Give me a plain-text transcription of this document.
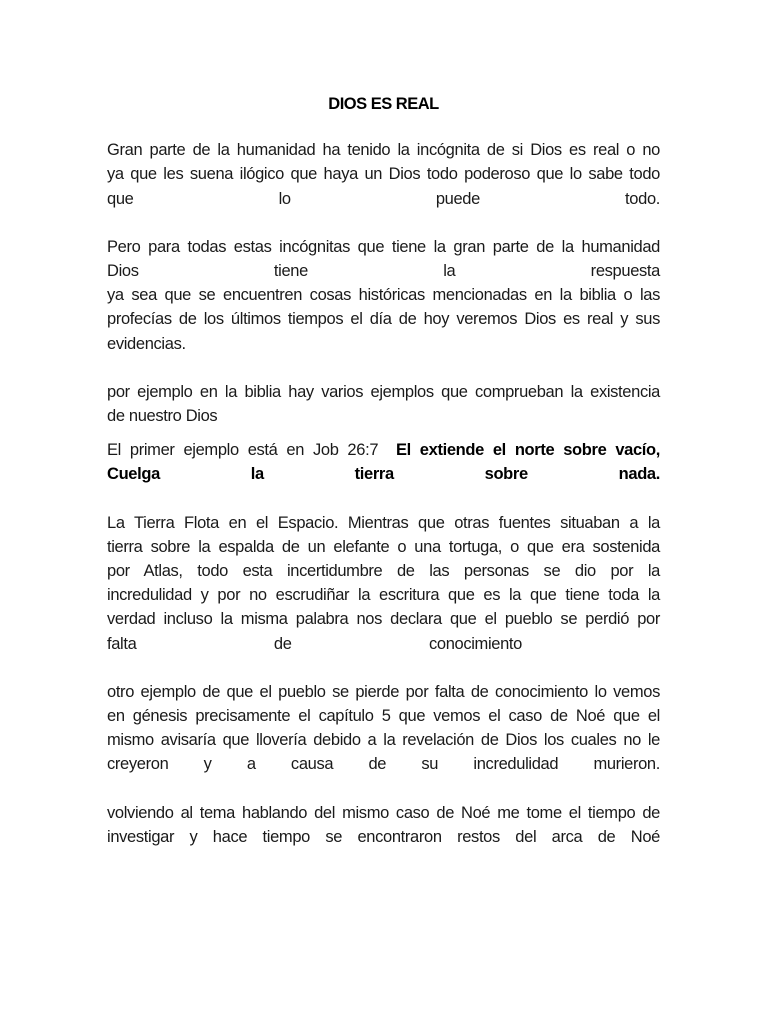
DIOS ES REAL

Gran parte de la humanidad ha tenido la incógnita de si Dios es real o no
ya que les suena ilógico que haya un Dios todo poderoso que lo sabe todo
que lo puede todo.

Pero para todas estas incógnitas que tiene la gran parte de la humanidad
Dios tiene la respuesta
ya sea que se encuentren cosas históricas mencionadas en la biblia o las
profecías de los últimos tiempos el día de hoy veremos Dios es real y sus
evidencias.

por ejemplo en la biblia hay varios ejemplos que comprueban la existencia
de nuestro Dios

El primer ejemplo está en Job 26:7 El extiende el norte sobre vacío,
Cuelga la tierra sobre nada.

La Tierra Flota en el Espacio. Mientras que otras fuentes situaban a la
tierra sobre la espalda de un elefante o una tortuga, o que era sostenida
por Atlas, todo esta incertidumbre de las personas se dio por la
incredulidad y por no escrudiñar la escritura que es la que tiene toda la
verdad incluso la misma palabra nos declara que el pueblo se perdió por
falta de conocimiento

otro ejemplo de que el pueblo se pierde por falta de conocimiento lo vemos
en génesis precisamente el capítulo 5 que vemos el caso de Noé que el
mismo avisaría que llovería debido a la revelación de Dios los cuales no le
creyeron y a causa de su incredulidad murieron.

volviendo al tema hablando del mismo caso de Noé me tome el tiempo de
investigar y hace tiempo se encontraron restos del arca de Noé
